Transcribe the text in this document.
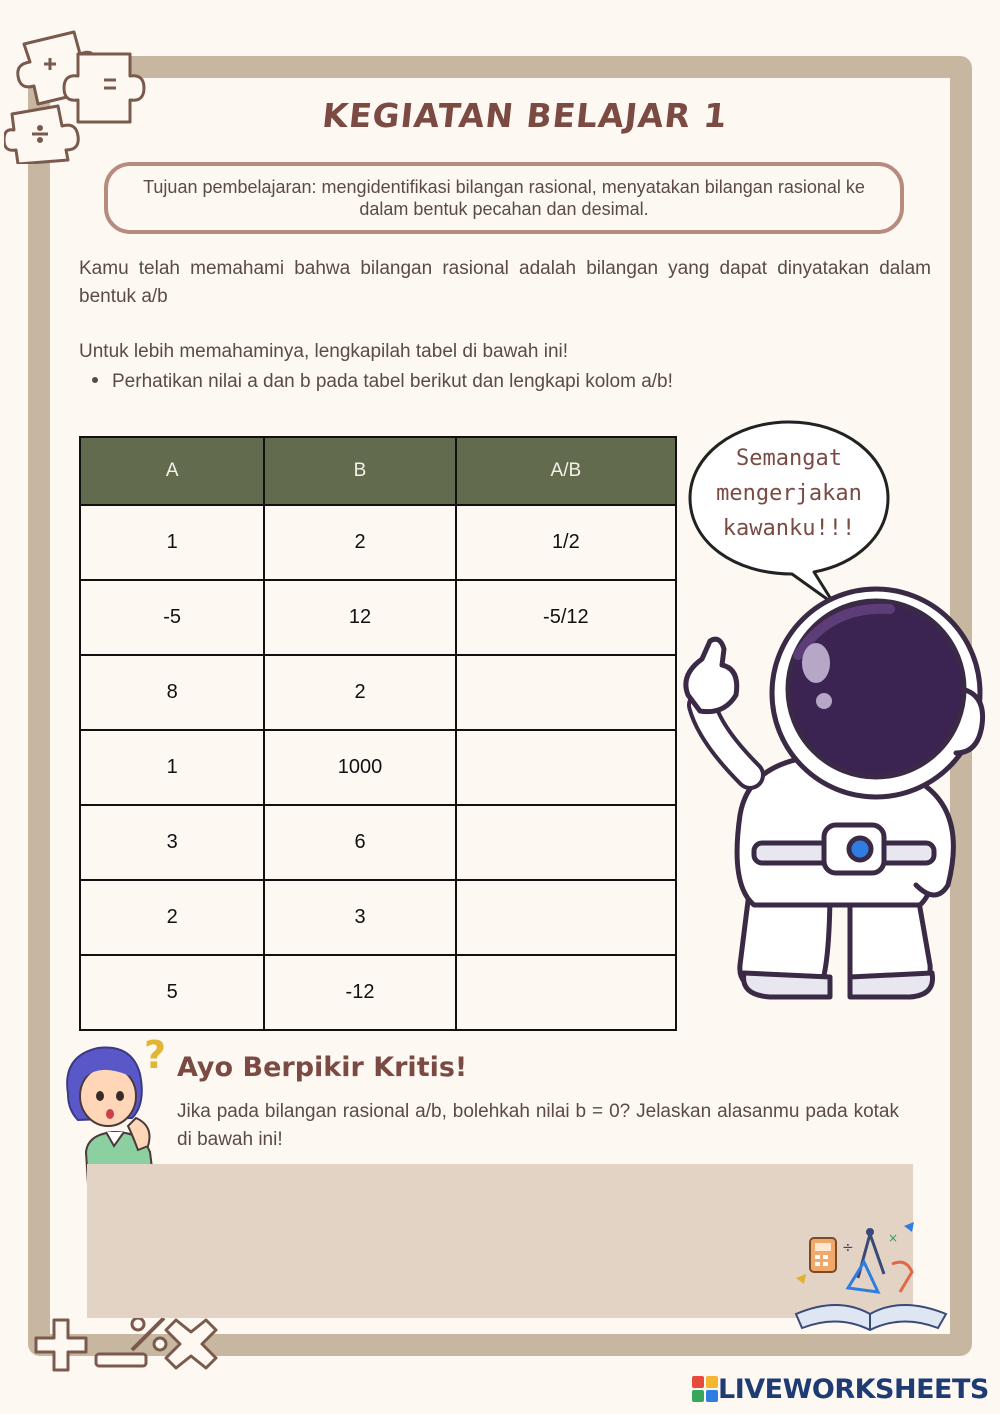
KEGIATAN BELAJAR 1
Tujuan pembelajaran: mengidentifikasi bilangan rasional, menyatakan bilangan rasional ke dalam bentuk pecahan dan desimal.

Kamu telah memahami bahwa bilangan rasional adalah bilangan yang dapat dinyatakan dalam bentuk a/b

Untuk lebih memahaminya, lengkapilah tabel di bawah ini!

Perhatikan nilai a dan b pada tabel berikut dan lengkapi kolom a/b!
A	B	A/B
1	2	1/2
-5	12	-5/12
8	2	
1	1000	
3	6	
2	3	
5	-12	
Semangat
mengerjakan
kawanku!!!
? Ayo Berpikir Kritis!

Jika pada bilangan rasional a/b, bolehkah nilai b = 0? Jelaskan alasanmu pada kotak di bawah ini!

÷
×
LIVEWORKSHEETS
